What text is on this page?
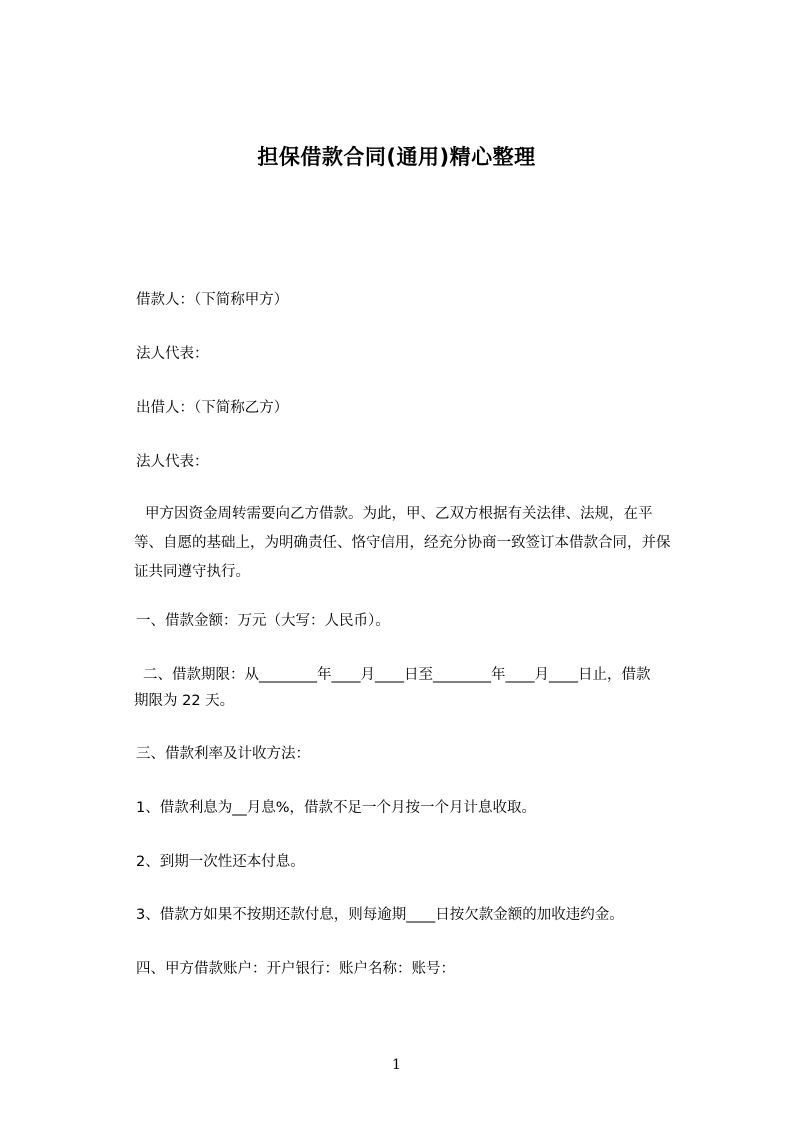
担保借款合同(通用)精心整理
借款人：（下简称甲方）
法人代表：
出借人：（下简称乙方）
法人代表：
甲方因资金周转需要向乙方借款。为此，甲、乙双方根据有关法律、法规，在平
等、自愿的基础上，为明确责任、恪守信用，经充分协商一致签订本借款合同，并保
证共同遵守执行。
一、借款金额：万元（大写：人民币）。
二、借款期限：从________年____月____日至________年____月____日止，借款
期限为 22 天。
三、借款利率及计收方法：
1、借款利息为__月息%，借款不足一个月按一个月计息收取。
2、到期一次性还本付息。
3、借款方如果不按期还款付息，则每逾期____日按欠款金额的加收违约金。
四、甲方借款账户：开户银行：账户名称：账号：
1
